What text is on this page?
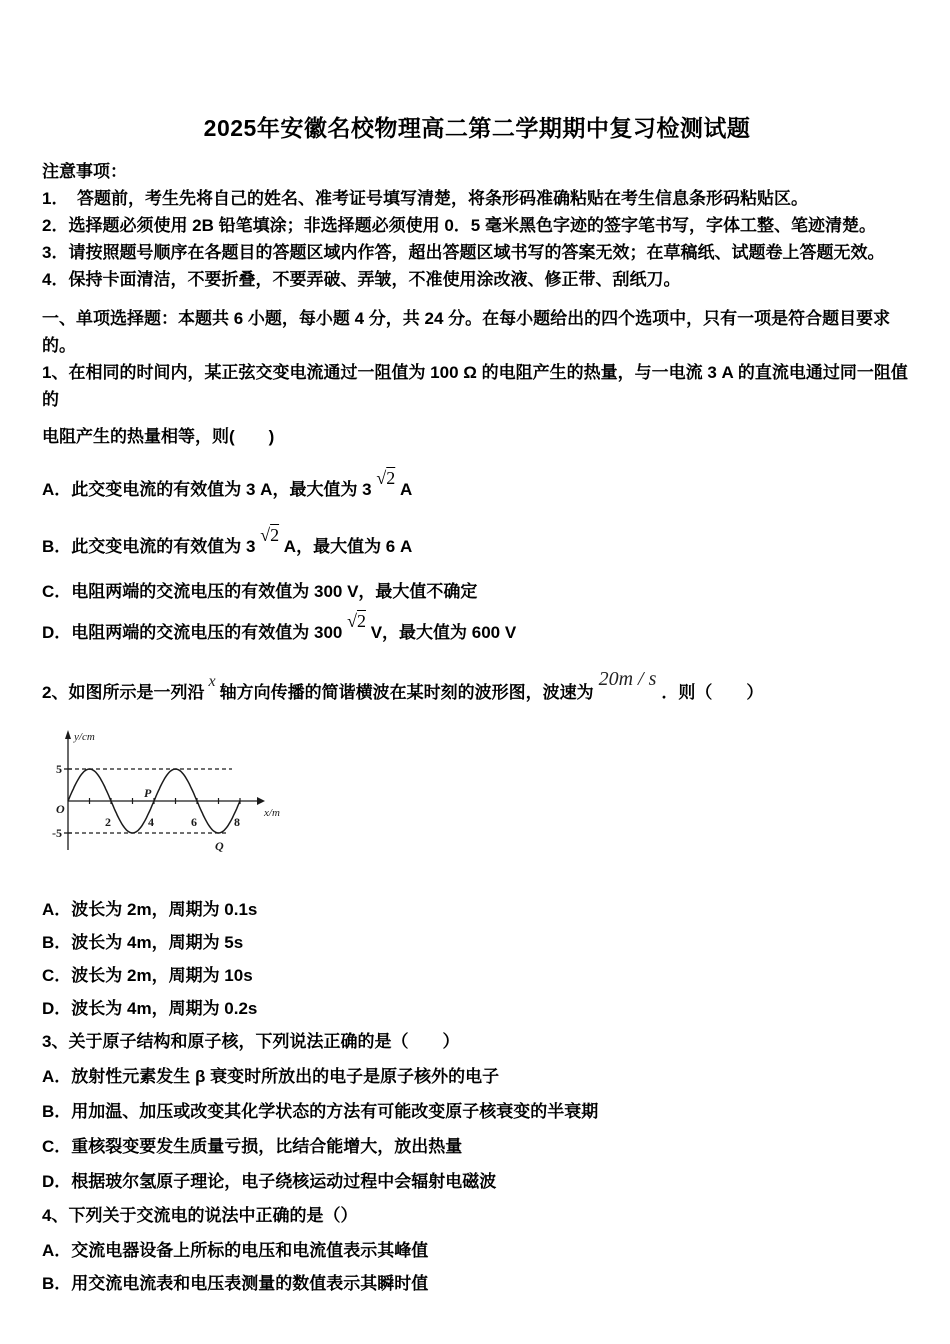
2025年安徽名校物理高二第二学期期中复习检测试题
注意事项：
1．　答题前，考生先将自己的姓名、准考证号填写清楚，将条形码准确粘贴在考生信息条形码粘贴区。
2．选择题必须使用 2B 铅笔填涂；非选择题必须使用 0．5 毫米黑色字迹的签字笔书写，字体工整、笔迹清楚。
3．请按照题号顺序在各题目的答题区域内作答，超出答题区域书写的答案无效；在草稿纸、试题卷上答题无效。
4．保持卡面清洁，不要折叠，不要弄破、弄皱，不准使用涂改液、修正带、刮纸刀。
一、单项选择题：本题共 6 小题，每小题 4 分，共 24 分。在每小题给出的四个选项中，只有一项是符合题目要求的。
1、在相同的时间内，某正弦交变电流通过一阻值为 100 Ω 的电阻产生的热量，与一电流 3 A 的直流电通过同一阻值的
电阻产生的热量相等，则(　　)
A．此交变电流的有效值为 3 A，最大值为 3 √2 A
B．此交变电流的有效值为 3 √2 A，最大值为 6 A
C．电阻两端的交流电压的有效值为 300 V，最大值不确定
D．电阻两端的交流电压的有效值为 300 √2 V，最大值为 600 V
2、如图所示是一列沿x轴方向传播的简谐横波在某时刻的波形图，波速为20m / s．则（　　）
y/cm
x/m
O
5
-5
2	4	6	8
P
Q
A．波长为 2m，周期为 0.1s
B．波长为 4m，周期为 5s
C．波长为 2m，周期为 10s
D．波长为 4m，周期为 0.2s
3、关于原子结构和原子核，下列说法正确的是（　　）
A．放射性元素发生 β 衰变时所放出的电子是原子核外的电子
B．用加温、加压或改变其化学状态的方法有可能改变原子核衰变的半衰期
C．重核裂变要发生质量亏损，比结合能增大，放出热量
D．根据玻尔氢原子理论，电子绕核运动过程中会辐射电磁波
4、下列关于交流电的说法中正确的是（）
A．交流电器设备上所标的电压和电流值表示其峰值
B．用交流电流表和电压表测量的数值表示其瞬时值
